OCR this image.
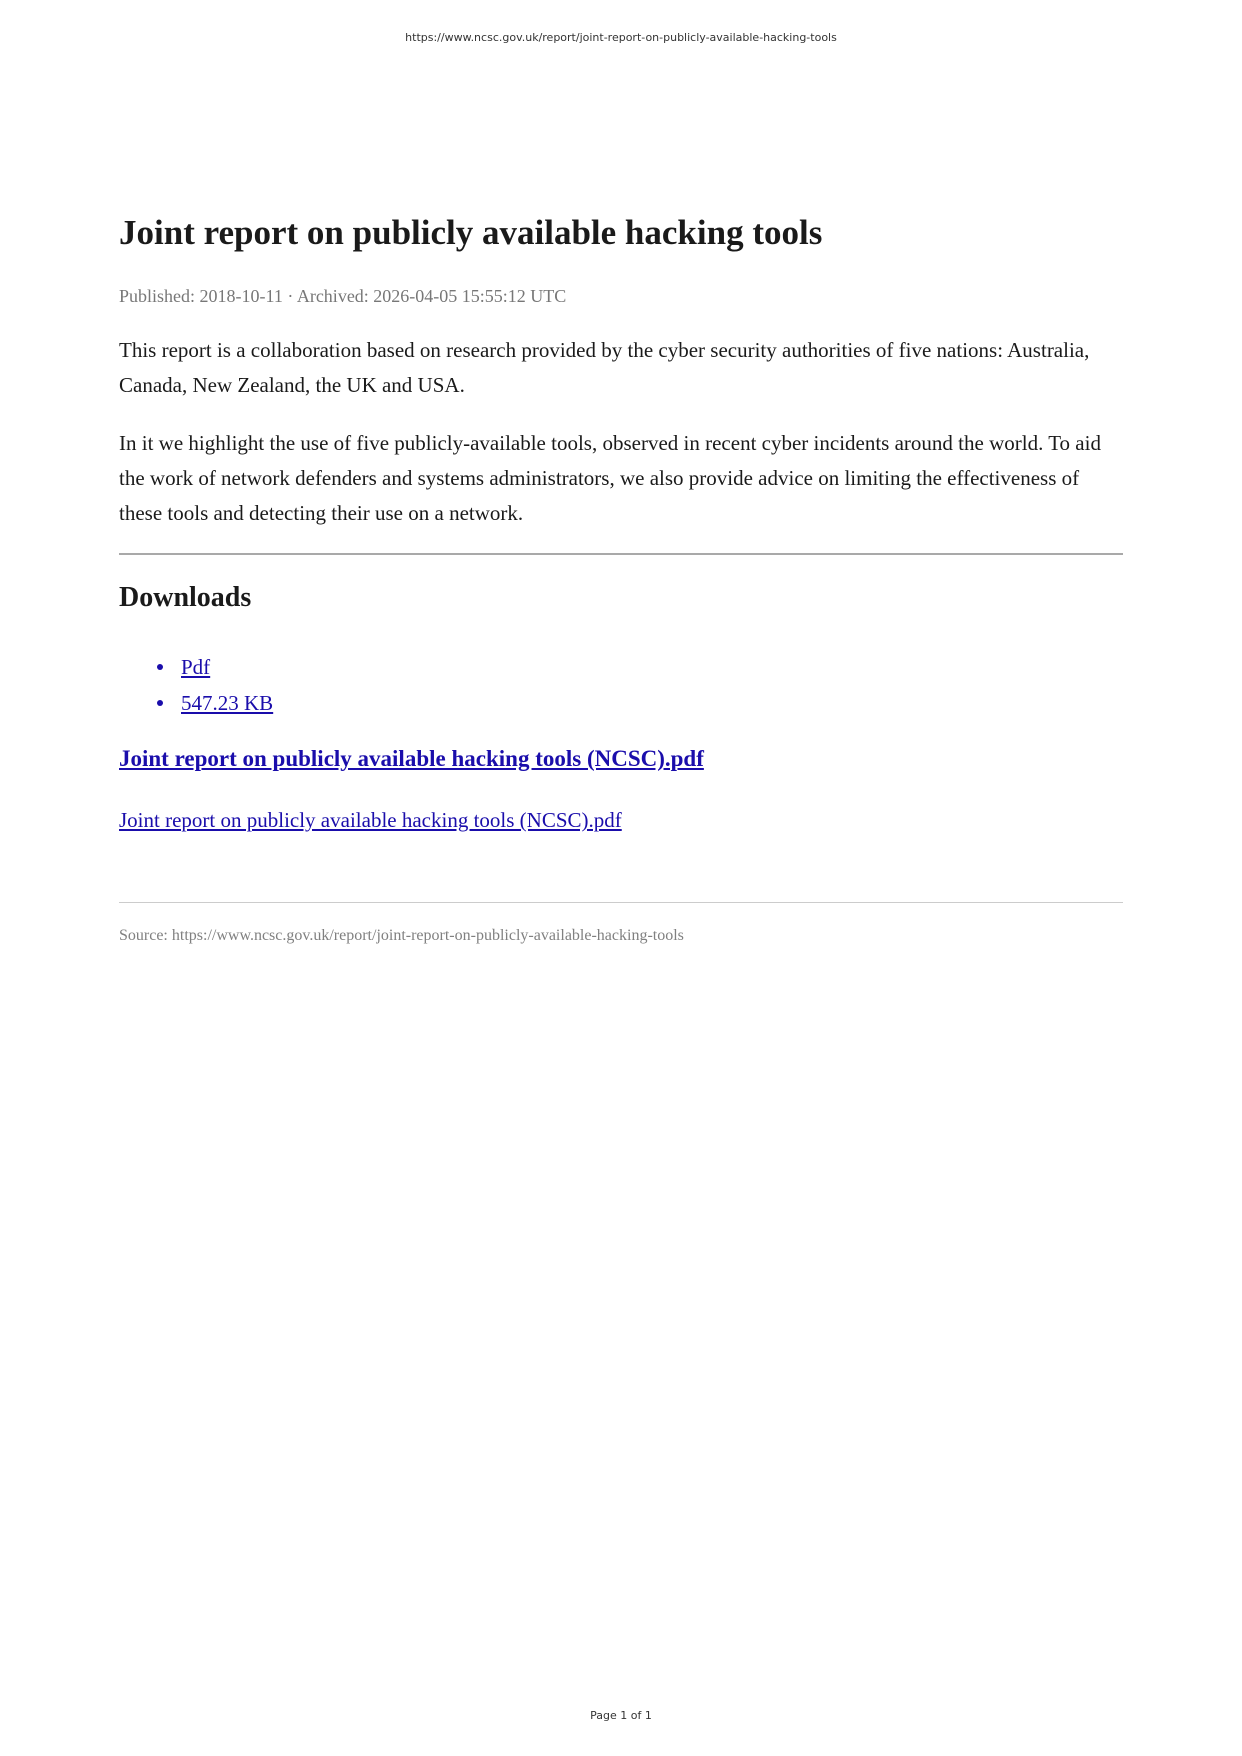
https://www.ncsc.gov.uk/report/joint-report-on-publicly-available-hacking-tools

Joint report on publicly available hacking tools

Published: 2018-10-11 · Archived: 2026-04-05 15:55:12 UTC

This report is a collaboration based on research provided by the cyber security authorities of five nations: Australia, Canada, New Zealand, the UK and USA.

In it we highlight the use of five publicly-available tools, observed in recent cyber incidents around the world. To aid the work of network defenders and systems administrators, we also provide advice on limiting the effectiveness of these tools and detecting their use on a network.

Downloads
Pdf
547.23 KB
Joint report on publicly available hacking tools (NCSC).pdf

Joint report on publicly available hacking tools (NCSC).pdf

Source: https://www.ncsc.gov.uk/report/joint-report-on-publicly-available-hacking-tools

Page 1 of 1
